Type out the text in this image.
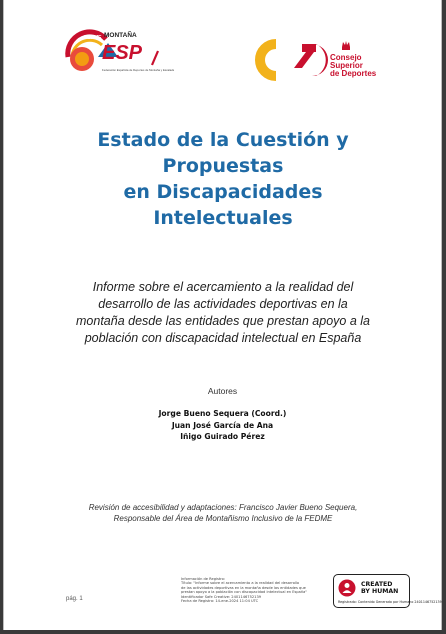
FEDME MONTAÑA
ESP
Federación Española de Deportes de Montaña y Escalada
Consejo
Superior
de Deportes
Estado de la Cuestión y
Propuestas
en Discapacidades
Intelectuales
Informe sobre el acercamiento a la realidad del
desarrollo de las actividades deportivas en la
montaña desde las entidades que prestan apoyo a la
población con discapacidad intelectual en España
Autores
Jorge Bueno Sequera (Coord.)
Juan José García de Ana
Iñigo Guirado Pérez
Revisión de accesibilidad y adaptaciones: Francisco Javier Bueno Sequera,
Responsable del Área de Montañismo Inclusivo de la FEDME
pág. 1
Información de Registro:
Título: "Informe sobre el acercamiento a la realidad del desarrollo
de las actividades deportivas en la montaña desde las entidades que
prestan apoyo a la población con discapacidad intelectual en España"
Identificador Safe Creative: 2401146752139
Fecha de Registro: 14-ene-2024 11:04 UTC
CREATED
BY HUMAN
Registrado: Contenido Generado por Humano 2401146752139
